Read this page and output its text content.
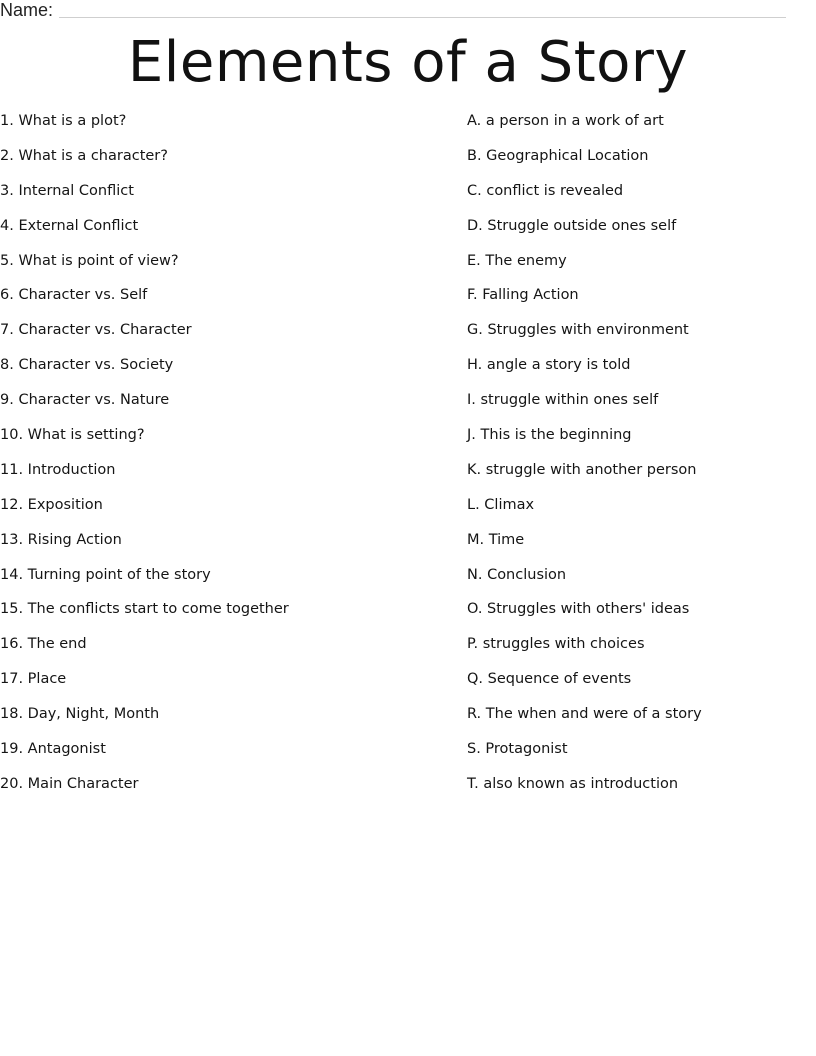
Name:
Elements of a Story
1. What is a plot?
2. What is a character?
3. Internal Conflict
4. External Conflict
5. What is point of view?
6. Character vs. Self
7. Character vs. Character
8. Character vs. Society
9. Character vs. Nature
10. What is setting?
11. Introduction
12. Exposition
13. Rising Action
14. Turning point of the story
15. The conflicts start to come together
16. The end
17. Place
18. Day, Night, Month
19. Antagonist
20. Main Character
A. a person in a work of art
B. Geographical Location
C. conflict is revealed
D. Struggle outside ones self
E. The enemy
F. Falling Action
G. Struggles with environment
H. angle a story is told
I. struggle within ones self
J. This is the beginning
K. struggle with another person
L. Climax
M. Time
N. Conclusion
O. Struggles with others' ideas
P. struggles with choices
Q. Sequence of events
R. The when and were of a story
S. Protagonist
T. also known as introduction
